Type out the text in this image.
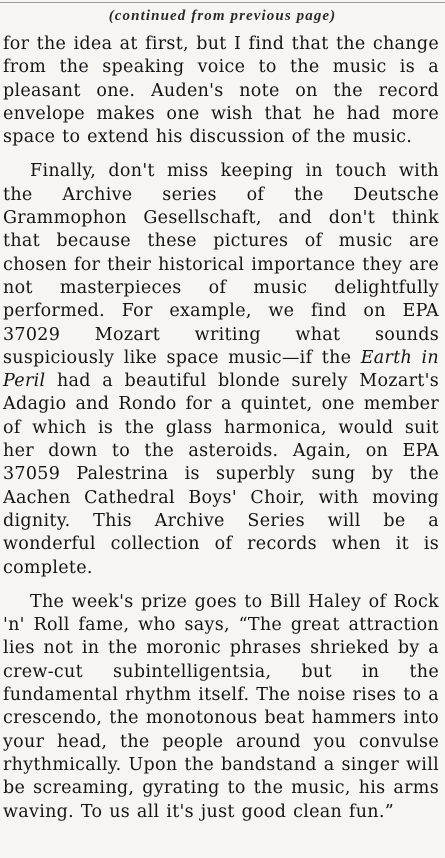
(continued from previous page)

for the idea at first, but I find that the change from the speaking voice to the music is a pleasant one. Auden's note on the record envelope makes one wish that he had more space to extend his discussion of the music.

Finally, don't miss keeping in touch with the Archive series of the Deutsche Grammophon Gesellschaft, and don't think that because these pictures of music are chosen for their historical importance they are not masterpieces of music delightfully performed. For example, we find on EPA 37029 Mozart writing what sounds suspiciously like space music—if the Earth in Peril had a beautiful blonde surely Mozart's Adagio and Rondo for a quintet, one member of which is the glass harmonica, would suit her down to the asteroids. Again, on EPA 37059 Palestrina is superbly sung by the Aachen Cathedral Boys' Choir, with moving dignity. This Archive Series will be a wonderful collection of records when it is complete.

The week's prize goes to Bill Haley of Rock 'n' Roll fame, who says, “The great attraction lies not in the moronic phrases shrieked by a crew-cut subintelligentsia, but in the fundamental rhythm itself. The noise rises to a crescendo, the monotonous beat hammers into your head, the people around you convulse rhythmically. Upon the bandstand a singer will be screaming, gyrating to the music, his arms waving. To us all it's just good clean fun.”
